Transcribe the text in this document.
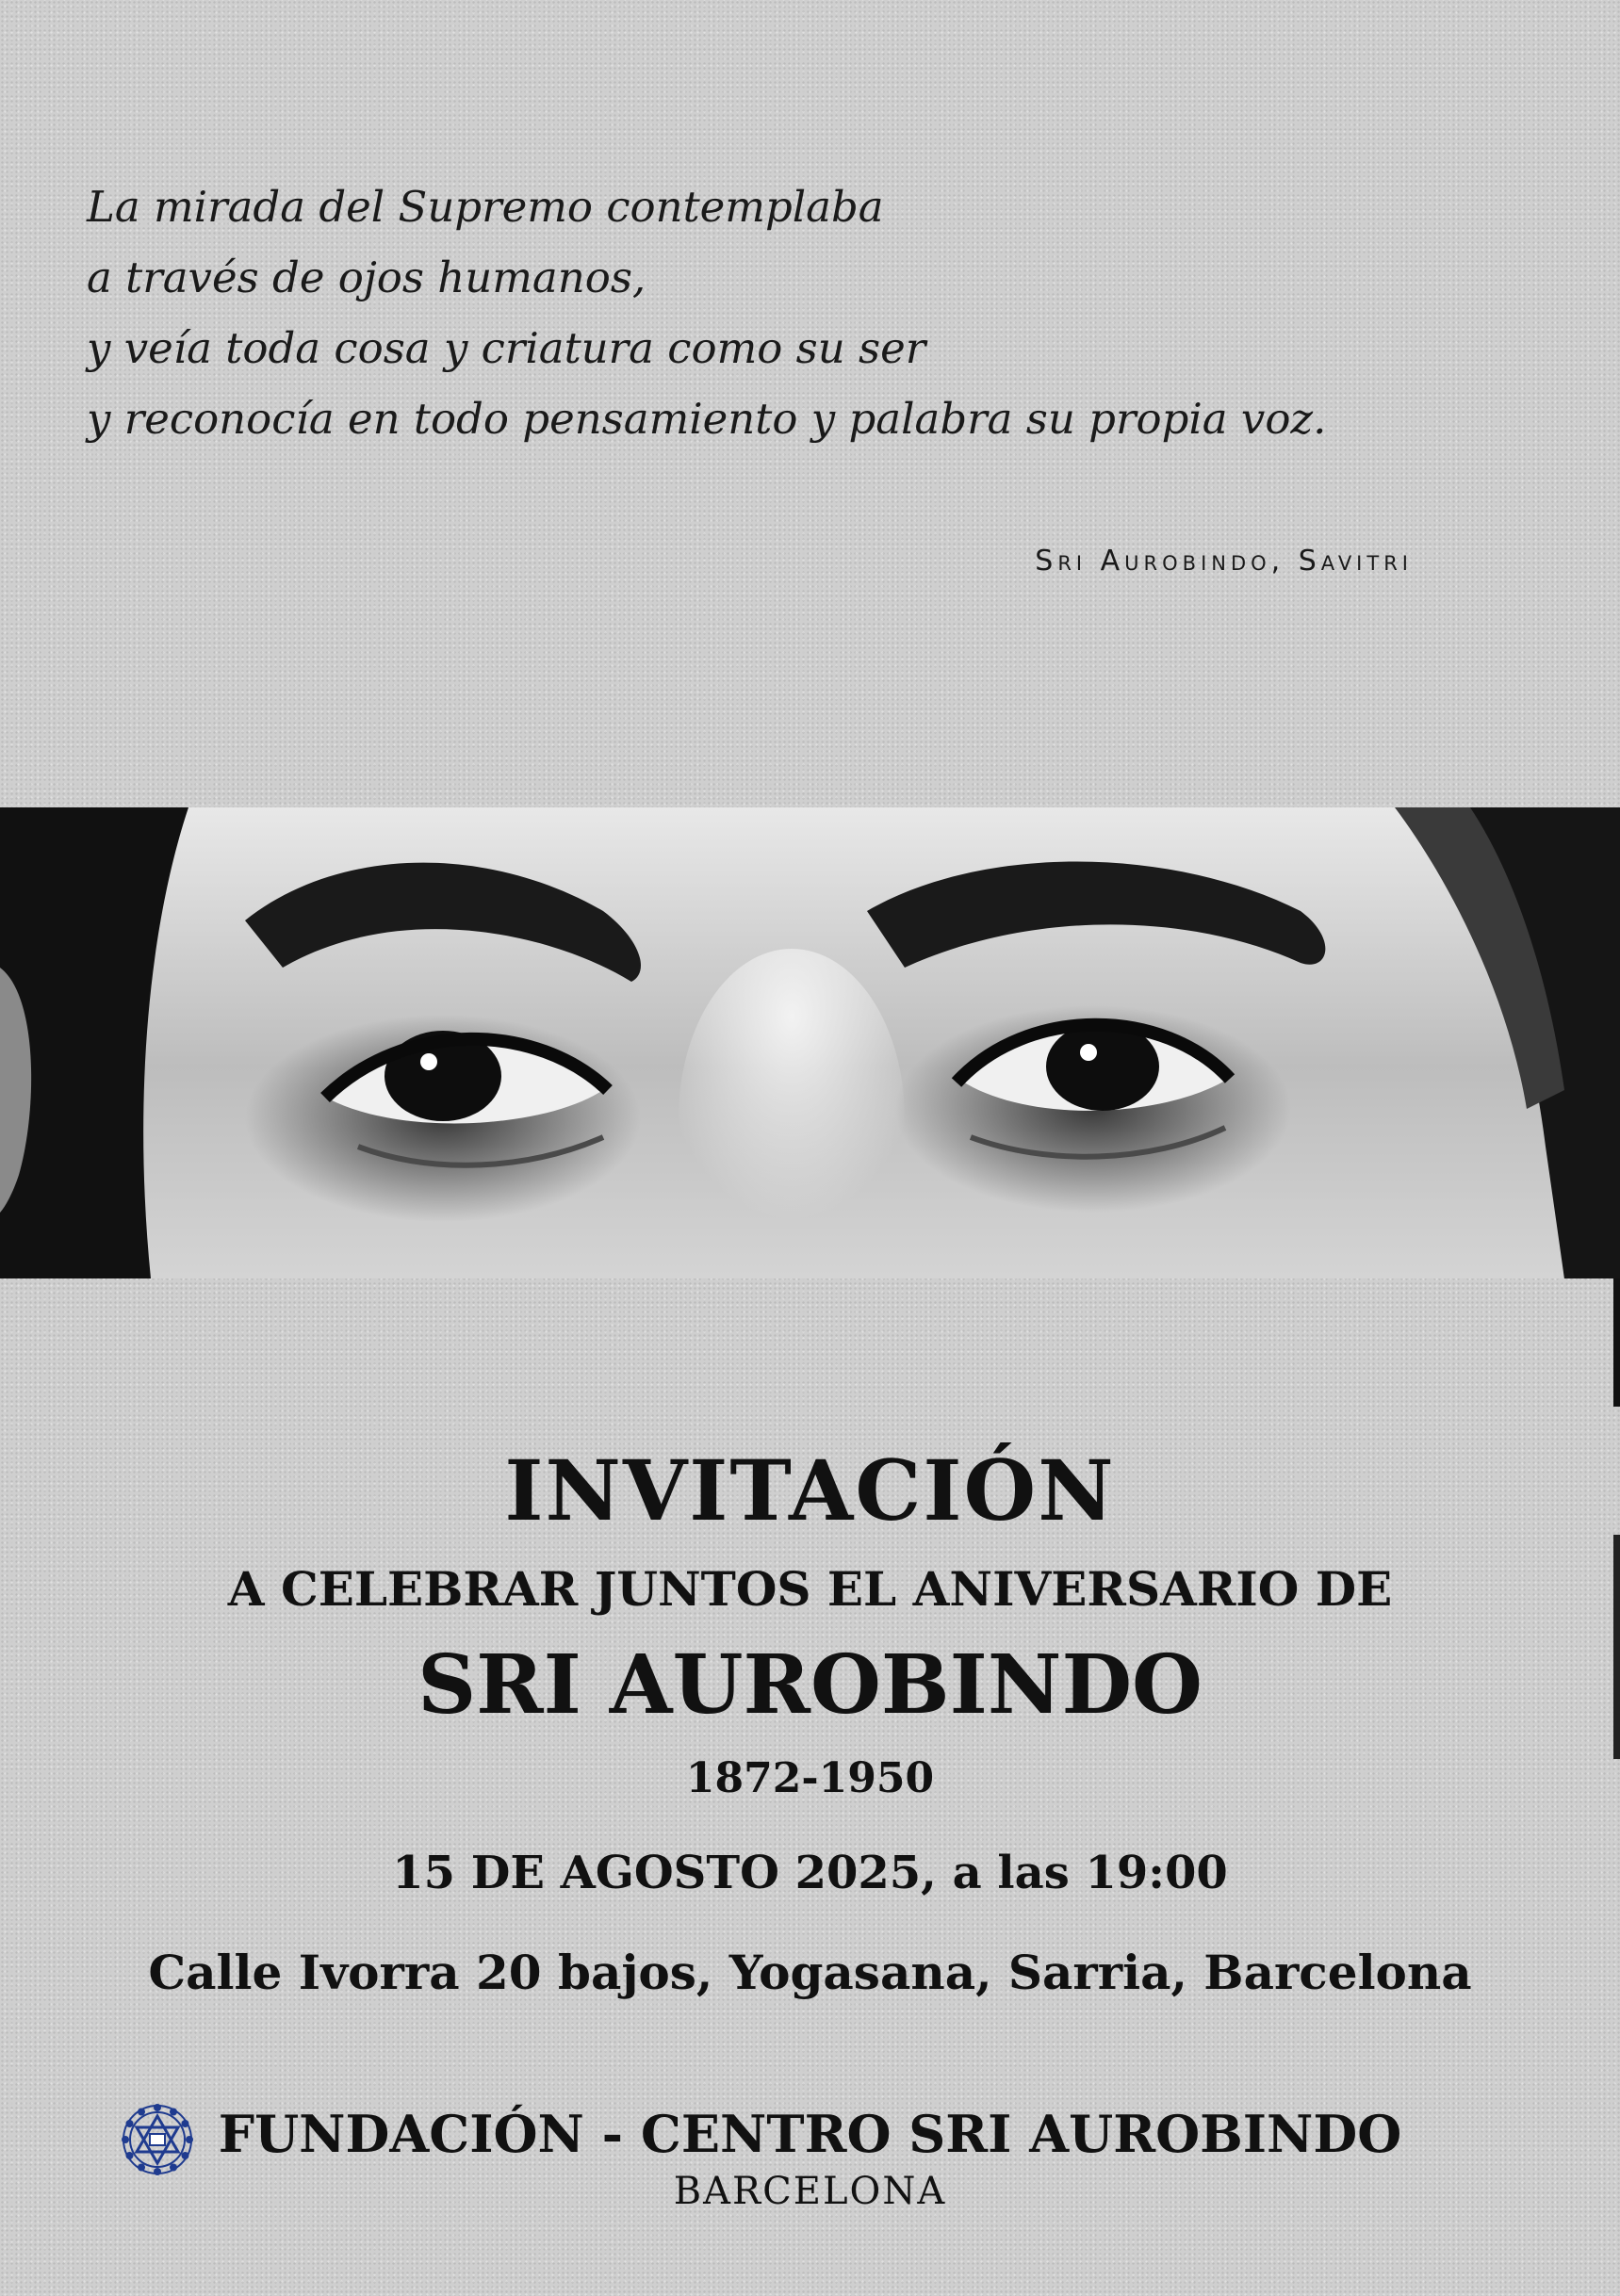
La mirada del Supremo contemplaba
a través de ojos humanos,
y veía toda cosa y criatura como su ser
y reconocía en todo pensamiento y palabra su propia voz.
Sri Aurobindo, Savitri
INVITACIÓN
A CELEBRAR JUNTOS EL ANIVERSARIO DE
SRI AUROBINDO
1872-1950
15 DE AGOSTO 2025, a las 19:00
Calle Ivorra 20 bajos, Yogasana, Sarria, Barcelona
FUNDACIÓN - CENTRO SRI AUROBINDO
BARCELONA
